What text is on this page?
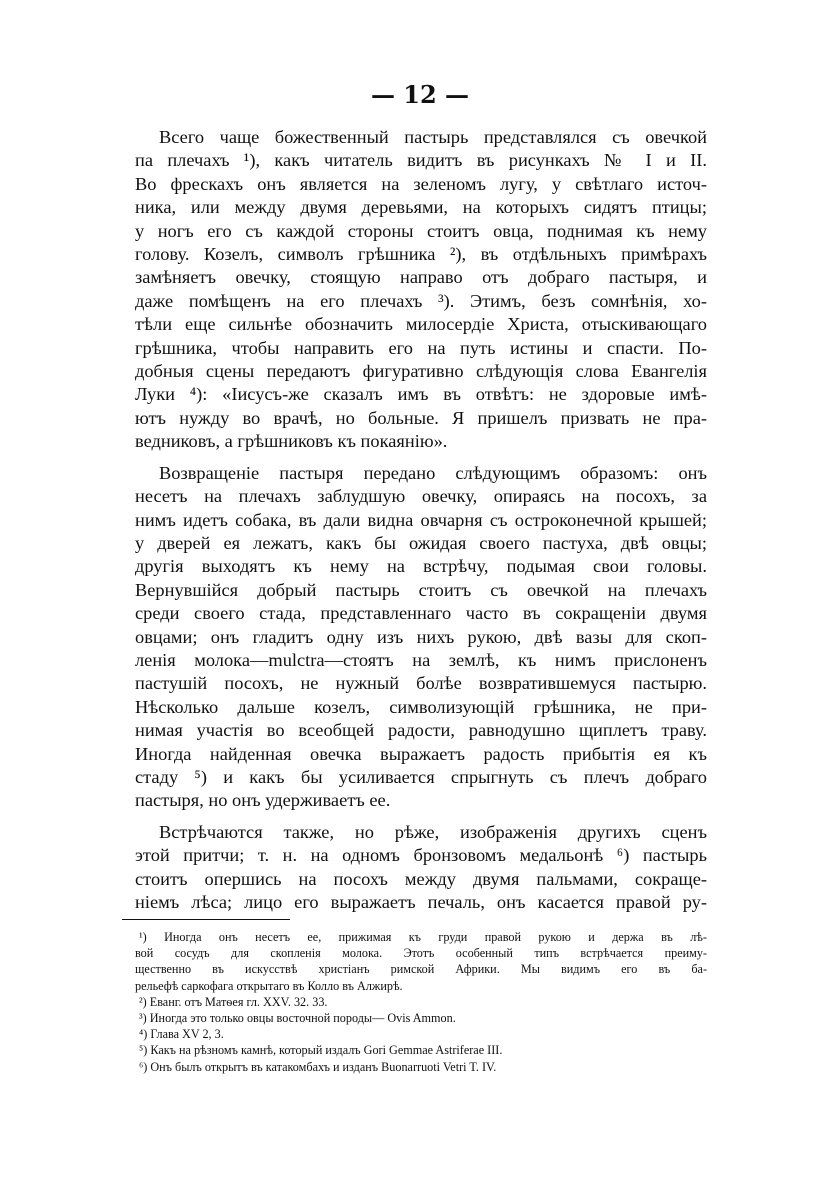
— 12 —
Всего чаще божественный пастырь представлялся съ овечкой
па плечахъ ¹), какъ читатель видитъ въ рисункахъ № I и II.
Во фрескахъ онъ является на зеленомъ лугу, у свѣтлаго источ-
ника, или между двумя деревьями, на которыхъ сидятъ птицы;
у ногъ его съ каждой стороны стоитъ овца, поднимая къ нему
голову. Козелъ, символъ грѣшника ²), въ отдѣльныхъ примѣрахъ
замѣняетъ овечку, стоящую направо отъ добраго пастыря, и
даже помѣщенъ на его плечахъ ³). Этимъ, безъ сомнѣнія, хо-
тѣли еще сильнѣе обозначить милосердіе Христа, отыскивающаго
грѣшника, чтобы направить его на путь истины и спасти. По-
добныя сцены передаютъ фигуративно слѣдующія слова Евангелія
Луки ⁴): «Іисусъ-же сказалъ имъ въ отвѣтъ: не здоровые имѣ-
ютъ нужду во врачѣ, но больные. Я пришелъ призвать не пра-
ведниковъ, а грѣшниковъ къ покаянію».
Возвращеніе пастыря передано слѣдующимъ образомъ: онъ
несетъ на плечахъ заблудшую овечку, опираясь на посохъ, за
нимъ идетъ собака, въ дали видна овчарня съ остроконечной крышей;
у дверей ея лежатъ, какъ бы ожидая своего пастуха, двѣ овцы;
другія выходятъ къ нему на встрѣчу, подымая свои головы.
Вернувшійся добрый пастырь стоитъ съ овечкой на плечахъ
среди своего стада, представленнаго часто въ сокращеніи двумя
овцами; онъ гладитъ одну изъ нихъ рукою, двѣ вазы для скоп-
ленія молока—mulctra—стоятъ на землѣ, къ нимъ прислоненъ
пастушій посохъ, не нужный болѣе возвратившемуся пастырю.
Нѣсколько дальше козелъ, символизующій грѣшника, не при-
нимая участія во всеобщей радости, равнодушно щиплетъ траву.
Иногда найденная овечка выражаетъ радость прибытія ея къ
стаду ⁵) и какъ бы усиливается спрыгнуть съ плечъ добраго
пастыря, но онъ удерживаетъ ее.
Встрѣчаются также, но рѣже, изображенія другихъ сценъ
этой притчи; т. н. на одномъ бронзовомъ медальонѣ ⁶) пастырь
стоитъ опершись на посохъ между двумя пальмами, сокраще-
ніемъ лѣса; лицо его выражаетъ печаль, онъ касается правой ру-
¹) Иногда онъ несетъ ее, прижимая къ груди правой рукою и держа въ лѣ-
вой сосудъ для скопленія молока. Этотъ особенный типъ встрѣчается преиму-
щественно въ искусствѣ христіанъ римской Африки. Мы видимъ его въ ба-
рельефѣ саркофага открытаго въ Колло въ Алжирѣ.
²) Еванг. отъ Матѳея гл. XXV. 32. 33.
³) Иногда это только овцы восточной породы— Ovis Ammon.
⁴) Глава XV 2, 3.
⁵) Какъ на рѣзномъ камнѣ, который издалъ Gori Gemmae Astriferae III.
⁶) Онъ былъ открытъ въ катакомбахъ и изданъ Buonarruoti Vetri T. IV.
